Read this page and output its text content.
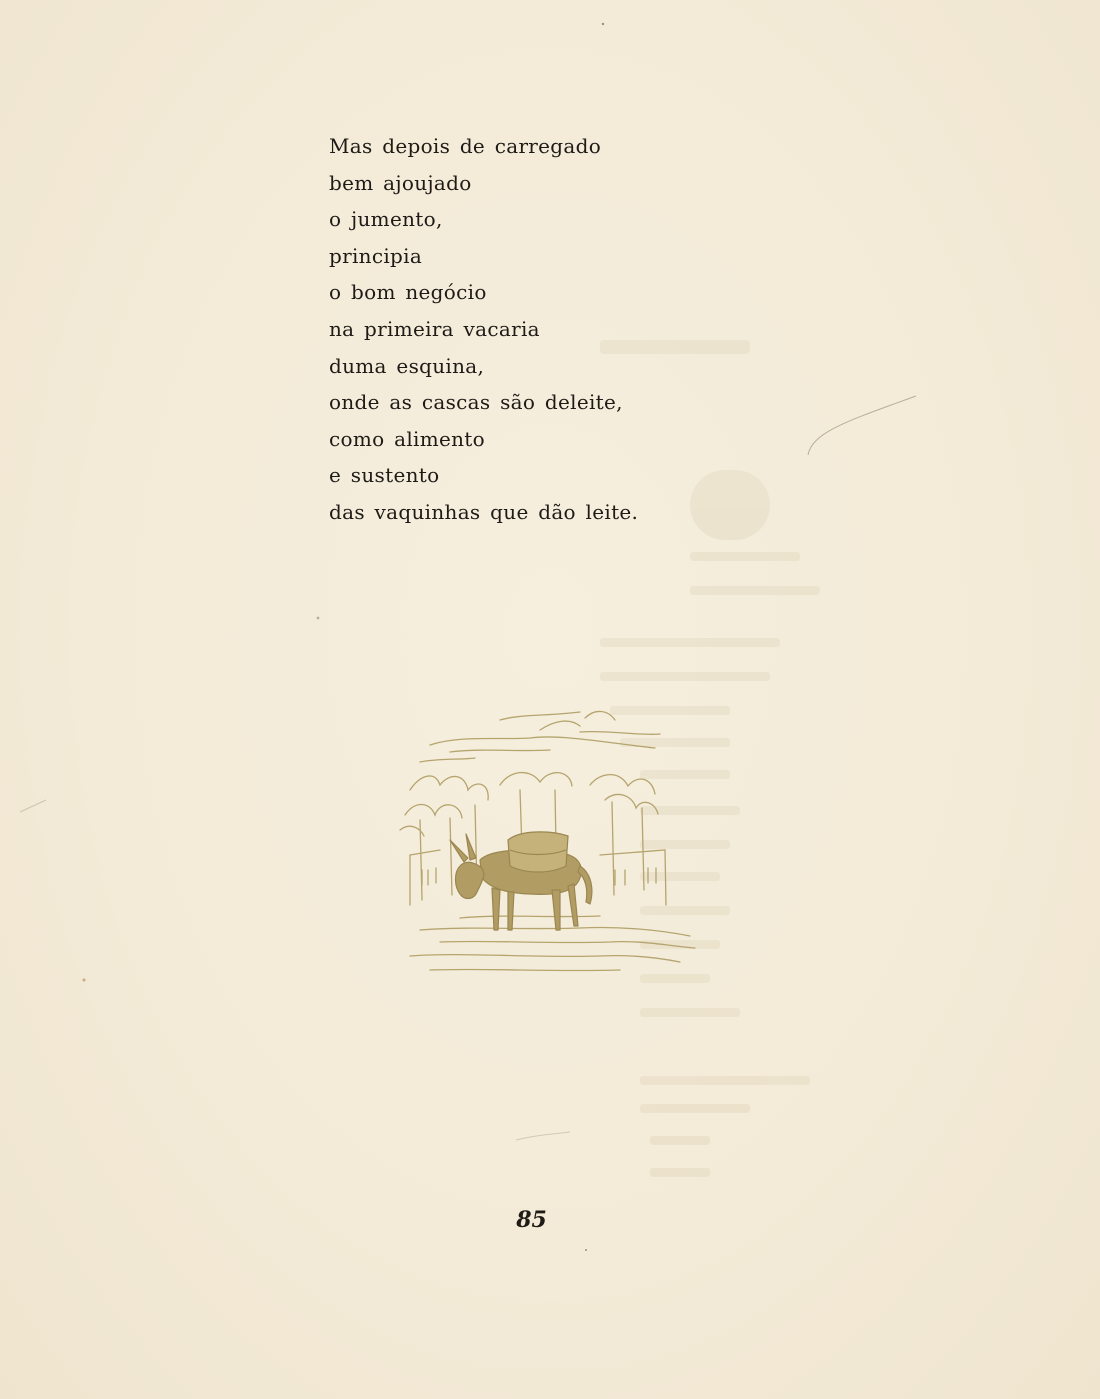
Mas depois de carregado
bem ajoujado
o jumento,
principia
o bom negócio
na primeira vacaria
duma esquina,
onde as cascas são deleite,
como alimento
e sustento
das vaquinhas que dão leite.
85
